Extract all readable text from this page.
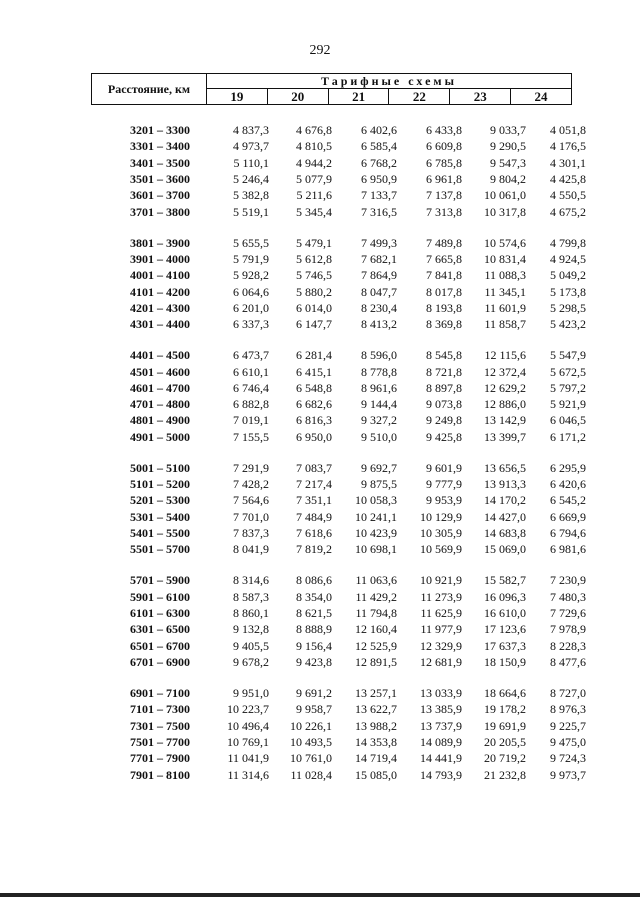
292
Расстояние, км
Тарифные схемы
19	20	21	22	23	24
3201 – 3300	4 837,3	4 676,8	6 402,6	6 433,8	9 033,7	4 051,8
3301 – 3400	4 973,7	4 810,5	6 585,4	6 609,8	9 290,5	4 176,5
3401 – 3500	5 110,1	4 944,2	6 768,2	6 785,8	9 547,3	4 301,1
3501 – 3600	5 246,4	5 077,9	6 950,9	6 961,8	9 804,2	4 425,8
3601 – 3700	5 382,8	5 211,6	7 133,7	7 137,8	10 061,0	4 550,5
3701 – 3800	5 519,1	5 345,4	7 316,5	7 313,8	10 317,8	4 675,2
3801 – 3900	5 655,5	5 479,1	7 499,3	7 489,8	10 574,6	4 799,8
3901 – 4000	5 791,9	5 612,8	7 682,1	7 665,8	10 831,4	4 924,5
4001 – 4100	5 928,2	5 746,5	7 864,9	7 841,8	11 088,3	5 049,2
4101 – 4200	6 064,6	5 880,2	8 047,7	8 017,8	11 345,1	5 173,8
4201 – 4300	6 201,0	6 014,0	8 230,4	8 193,8	11 601,9	5 298,5
4301 – 4400	6 337,3	6 147,7	8 413,2	8 369,8	11 858,7	5 423,2
4401 – 4500	6 473,7	6 281,4	8 596,0	8 545,8	12 115,6	5 547,9
4501 – 4600	6 610,1	6 415,1	8 778,8	8 721,8	12 372,4	5 672,5
4601 – 4700	6 746,4	6 548,8	8 961,6	8 897,8	12 629,2	5 797,2
4701 – 4800	6 882,8	6 682,6	9 144,4	9 073,8	12 886,0	5 921,9
4801 – 4900	7 019,1	6 816,3	9 327,2	9 249,8	13 142,9	6 046,5
4901 – 5000	7 155,5	6 950,0	9 510,0	9 425,8	13 399,7	6 171,2
5001 – 5100	7 291,9	7 083,7	9 692,7	9 601,9	13 656,5	6 295,9
5101 – 5200	7 428,2	7 217,4	9 875,5	9 777,9	13 913,3	6 420,6
5201 – 5300	7 564,6	7 351,1	10 058,3	9 953,9	14 170,2	6 545,2
5301 – 5400	7 701,0	7 484,9	10 241,1	10 129,9	14 427,0	6 669,9
5401 – 5500	7 837,3	7 618,6	10 423,9	10 305,9	14 683,8	6 794,6
5501 – 5700	8 041,9	7 819,2	10 698,1	10 569,9	15 069,0	6 981,6
5701 – 5900	8 314,6	8 086,6	11 063,6	10 921,9	15 582,7	7 230,9
5901 – 6100	8 587,3	8 354,0	11 429,2	11 273,9	16 096,3	7 480,3
6101 – 6300	8 860,1	8 621,5	11 794,8	11 625,9	16 610,0	7 729,6
6301 – 6500	9 132,8	8 888,9	12 160,4	11 977,9	17 123,6	7 978,9
6501 – 6700	9 405,5	9 156,4	12 525,9	12 329,9	17 637,3	8 228,3
6701 – 6900	9 678,2	9 423,8	12 891,5	12 681,9	18 150,9	8 477,6
6901 – 7100	9 951,0	9 691,2	13 257,1	13 033,9	18 664,6	8 727,0
7101 – 7300	10 223,7	9 958,7	13 622,7	13 385,9	19 178,2	8 976,3
7301 – 7500	10 496,4	10 226,1	13 988,2	13 737,9	19 691,9	9 225,7
7501 – 7700	10 769,1	10 493,5	14 353,8	14 089,9	20 205,5	9 475,0
7701 – 7900	11 041,9	10 761,0	14 719,4	14 441,9	20 719,2	9 724,3
7901 – 8100	11 314,6	11 028,4	15 085,0	14 793,9	21 232,8	9 973,7
